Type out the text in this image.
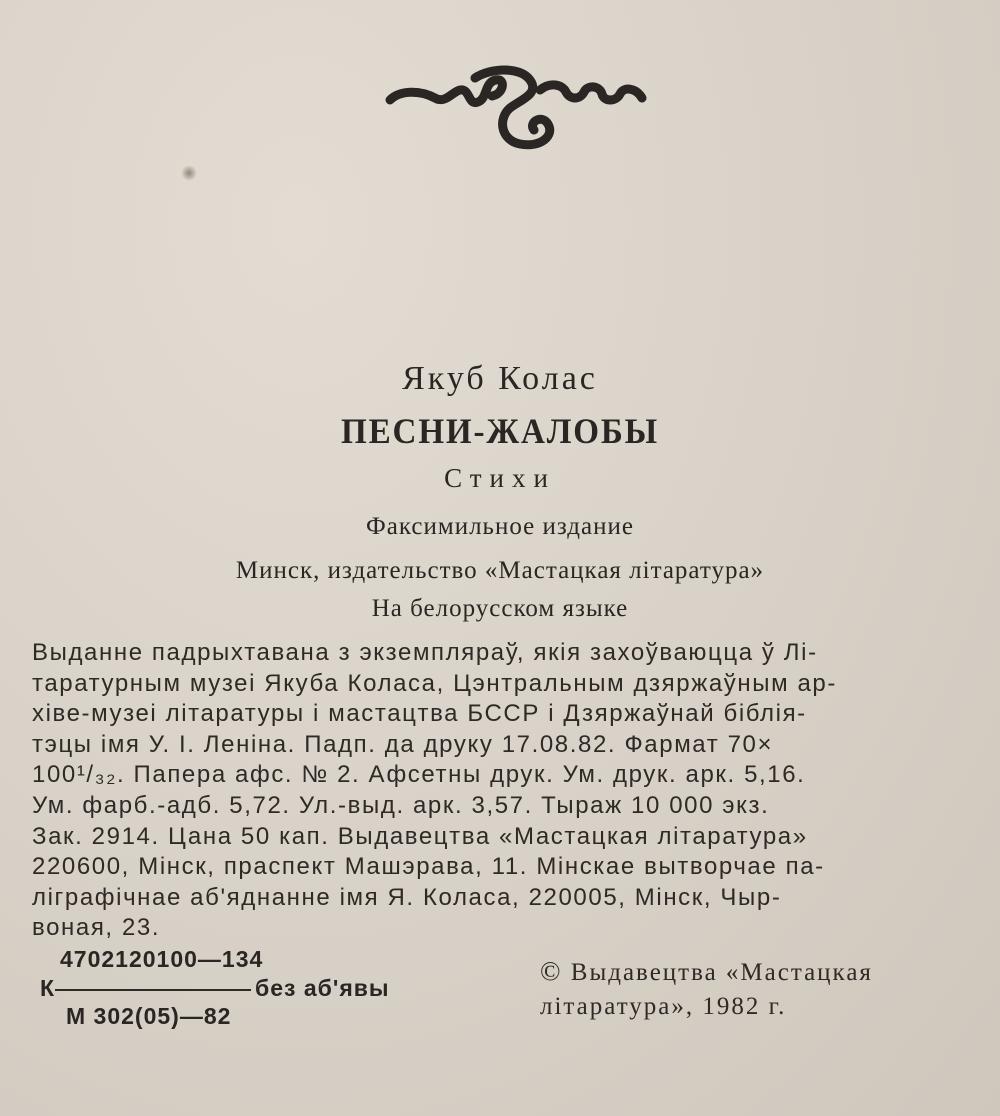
Якуб Колас
ПЕСНИ-ЖАЛОБЫ
Стихи
Факсимильное издание
Минск, издательство «Мастацкая літаратура»
На белорусском языке
Выданне падрыхтавана з экземпляраў, якія захоўваюцца ў Лі-
таратурным музеі Якуба Коласа, Цэнтральным дзяржаўным ар-
хіве-музеі літаратуры і мастацтва БССР і Дзяржаўнай біблія-
тэцы імя У. І. Леніна. Падп. да друку 17.08.82. Фармат 70×
100¹/₃₂. Папера афс. № 2. Афсетны друк. Ум. друк. арк. 5,16.
Ум. фарб.-адб. 5,72. Ул.-выд. арк. 3,57. Тыраж 10 000 экз.
Зак. 2914. Цана 50 кап. Выдавецтва «Мастацкая літаратура»
220600, Мінск, праспект Машэрава, 11. Мінскае вытворчае па-
ліграфічнае аб'яднанне імя Я. Коласа, 220005, Мінск, Чыр-
воная, 23.
4702120100—134
К	без аб'явы
М 302(05)—82
© Выдавецтва «Мастацкая
літаратура», 1982 г.
